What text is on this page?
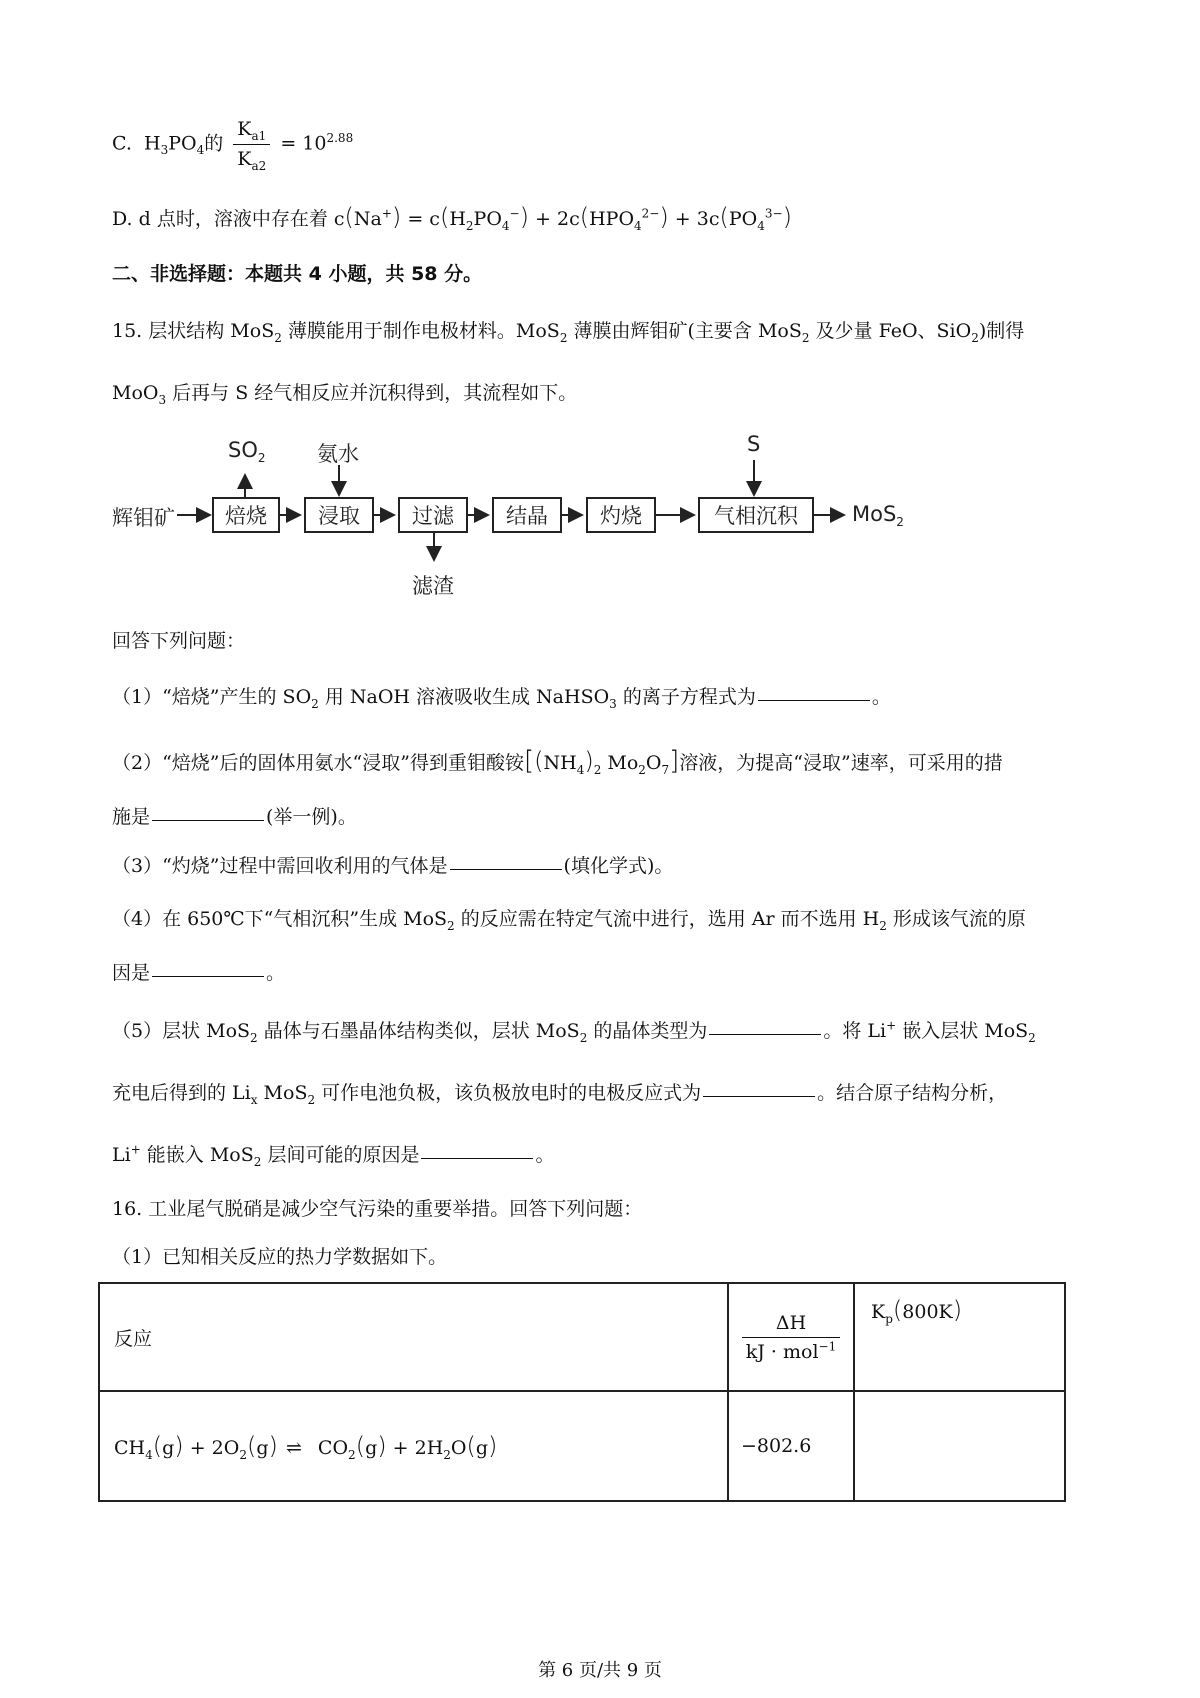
C. $H_3PO_4$的 $\frac{K_{a1}}{K_{a2}} = 10^{2.88}$
D. d 点时，溶液中存在着 $c(Na^+) = c(H_2PO_4^-) + 2c(HPO_4^{2-}) + 3c(PO_4^{3-})$
二、非选择题：本题共 4 小题，共 58 分。
15. 层状结构 MoS$_2$ 薄膜能用于制作电极材料。MoS$_2$ 薄膜由辉钼矿(主要含 MoS$_2$ 及少量 FeO、SiO$_2$)制得
MoO$_3$ 后再与 S 经气相反应并沉积得到，其流程如下。
辉钼矿	焙烧	浸取	过滤	结晶	灼烧	气相沉积	MoS$_2$
$SO_2$ 氨水
滤渣
S
回答下列问题：
（1）“焙烧”产生的 $SO_2$ 用 NaOH 溶液吸收生成 NaHSO$_3$ 的离子方程式为	。
（2）“焙烧”后的固体用氨水“浸取”得到重钼酸铵[$(NH_4)_2$ $Mo_2O_7$]溶液，为提高“浸取”速率，可采用的措
施是	(举一例)。
（3）“灼烧”过程中需回收利用的气体是	(填化学式)。
（4）在 650℃下“气相沉积”生成 MoS$_2$ 的反应需在特定气流中进行，选用 Ar 而不选用 $H_2$ 形成该气流的原
因是	。
（5）层状 MoS$_2$ 晶体与石墨晶体结构类似，层状 MoS$_2$ 的晶体类型为	。将 Li+ 嵌入层状 MoS$_2$
充电后得到的 $Li_x$ MoS$_2$ 可作电池负极，该负极放电时的电极反应式为	。结合原子结构分析，
Li+ 能嵌入 MoS$_2$ 层间可能的原因是	。
16. 工业尾气脱硝是减少空气污染的重要举措。回答下列问题：
（1）已知相关反应的热力学数据如下。
反应	$\frac{\Delta H}{kJ \cdot mol^{-1}}$	$K_p(800K)$
$CH_4(g) + 2O_2(g)$ ⇌ $CO_2(g) + 2H_2O(g)$	−802.6	
第 6 页/共 9 页
